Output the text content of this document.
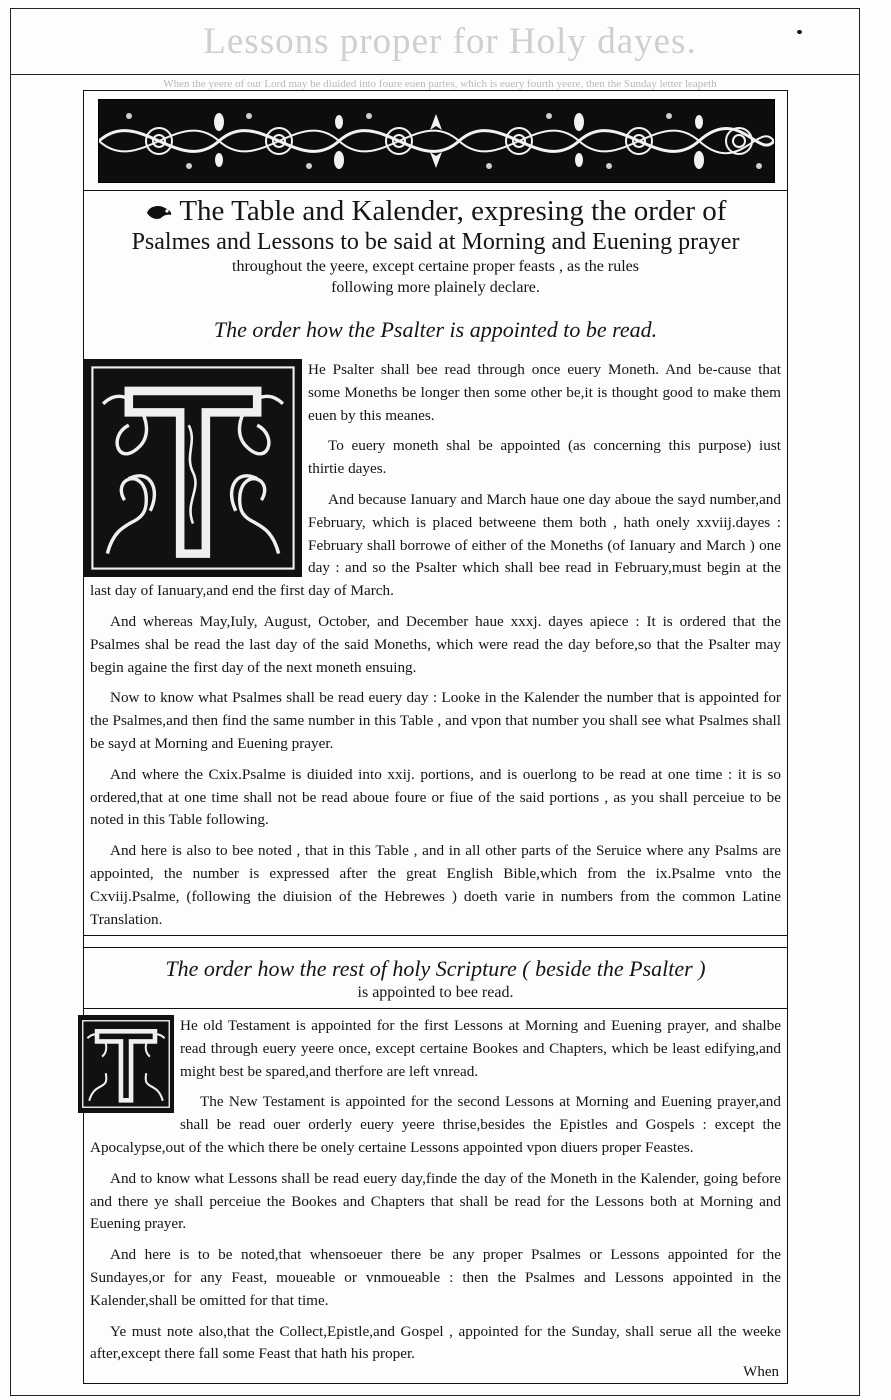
Lessons proper for Holy dayes.
When the yeere of our Lord may be diuided into foure euen partes, which is euery fourth yeere, then the Sunday letter leapeth
The Table and Kalender, expresing the order of
Psalmes and Lessons to be said at Morning and Euening prayer
throughout the yeere, except certaine proper feasts , as the rules
following more plainely declare.
The order how the Psalter is appointed to be read.

He Psalter shall bee read through once euery Moneth. And be-cause that some Moneths be longer then some other be,it is thought good to make them euen by this meanes.

To euery moneth shal be appointed (as concerning this purpose) iust thirtie dayes.

And because Ianuary and March haue one day aboue the sayd number,and February, which is placed betweene them both , hath onely xxviij.dayes : February shall borrowe of either of the Moneths (of Ianuary and March ) one day : and so the Psalter which shall bee read in February,must begin at the last day of Ianuary,and end the first day of March.

And whereas May,Iuly, August, October, and December haue xxxj. dayes apiece : It is ordered that the Psalmes shal be read the last day of the said Moneths, which were read the day before,so that the Psalter may begin againe the first day of the next moneth ensuing.

Now to know what Psalmes shall be read euery day : Looke in the Kalender the number that is appointed for the Psalmes,and then find the same number in this Table , and vpon that number you shall see what Psalmes shall be sayd at Morning and Euening prayer.

And where the Cxix.Psalme is diuided into xxij. portions, and is ouerlong to be read at one time : it is so ordered,that at one time shall not be read aboue foure or fiue of the said portions , as you shall perceiue to be noted in this Table following.

And here is also to bee noted , that in this Table , and in all other parts of the Seruice where any Psalms are appointed, the number is expressed after the great English Bible,which from the ix.Psalme vnto the Cxviij.Psalme, (following the diuision of the Hebrewes ) doeth varie in numbers from the common Latine Translation.

The order how the rest of holy Scripture ( beside the Psalter )
is appointed to bee read.

He old Testament is appointed for the first Lessons at Morning and Euening prayer, and shalbe read through euery yeere once, except certaine Bookes and Chapters, which be least edifying,and might best be spared,and therfore are left vnread.

The New Testament is appointed for the second Lessons at Morning and Euening prayer,and shall be read ouer orderly euery yeere thrise,besides the Epistles and Gospels : except the Apocalypse,out of the which there be onely certaine Lessons appointed vpon diuers proper Feastes.

And to know what Lessons shall be read euery day,finde the day of the Moneth in the Kalender, going before and there ye shall perceiue the Bookes and Chapters that shall be read for the Lessons both at Morning and Euening prayer.

And here is to be noted,that whensoeuer there be any proper Psalmes or Lessons appointed for the Sundayes,or for any Feast, moueable or vnmoueable : then the Psalmes and Lessons appointed in the Kalender,shall be omitted for that time.

Ye must note also,that the Collect,Epistle,and Gospel , appointed for the Sunday, shall serue all the weeke after,except there fall some Feast that hath his proper.

When
